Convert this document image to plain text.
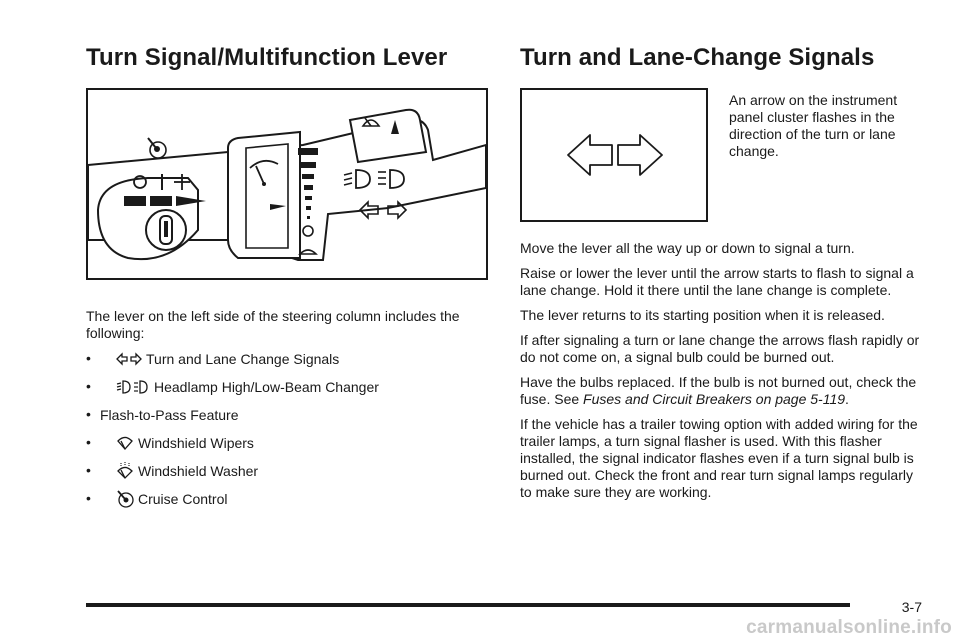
Turn Signal/Multifunction Lever

The lever on the left side of the steering column includes the following:

•	Turn and Lane Change Signals
•	Headlamp High/Low-Beam Changer
• Flash-to-Pass Feature
•	Windshield Wipers
•	Windshield Washer
•	Cruise Control
Turn and Lane-Change Signals

An arrow on the instrument panel cluster flashes in the direction of the turn or lane change.

Move the lever all the way up or down to signal a turn.

Raise or lower the lever until the arrow starts to flash to signal a lane change. Hold it there until the lane change is complete.

The lever returns to its starting position when it is released.

If after signaling a turn or lane change the arrows flash rapidly or do not come on, a signal bulb could be burned out.

Have the bulbs replaced. If the bulb is not burned out, check the fuse. See Fuses and Circuit Breakers on page 5-119.

If the vehicle has a trailer towing option with added wiring for the trailer lamps, a turn signal flasher is used. With this flasher installed, the signal indicator flashes even if a turn signal bulb is burned out. Check the front and rear turn signal lamps regularly to make sure they are working.

3-7
carmanualsonline.info
